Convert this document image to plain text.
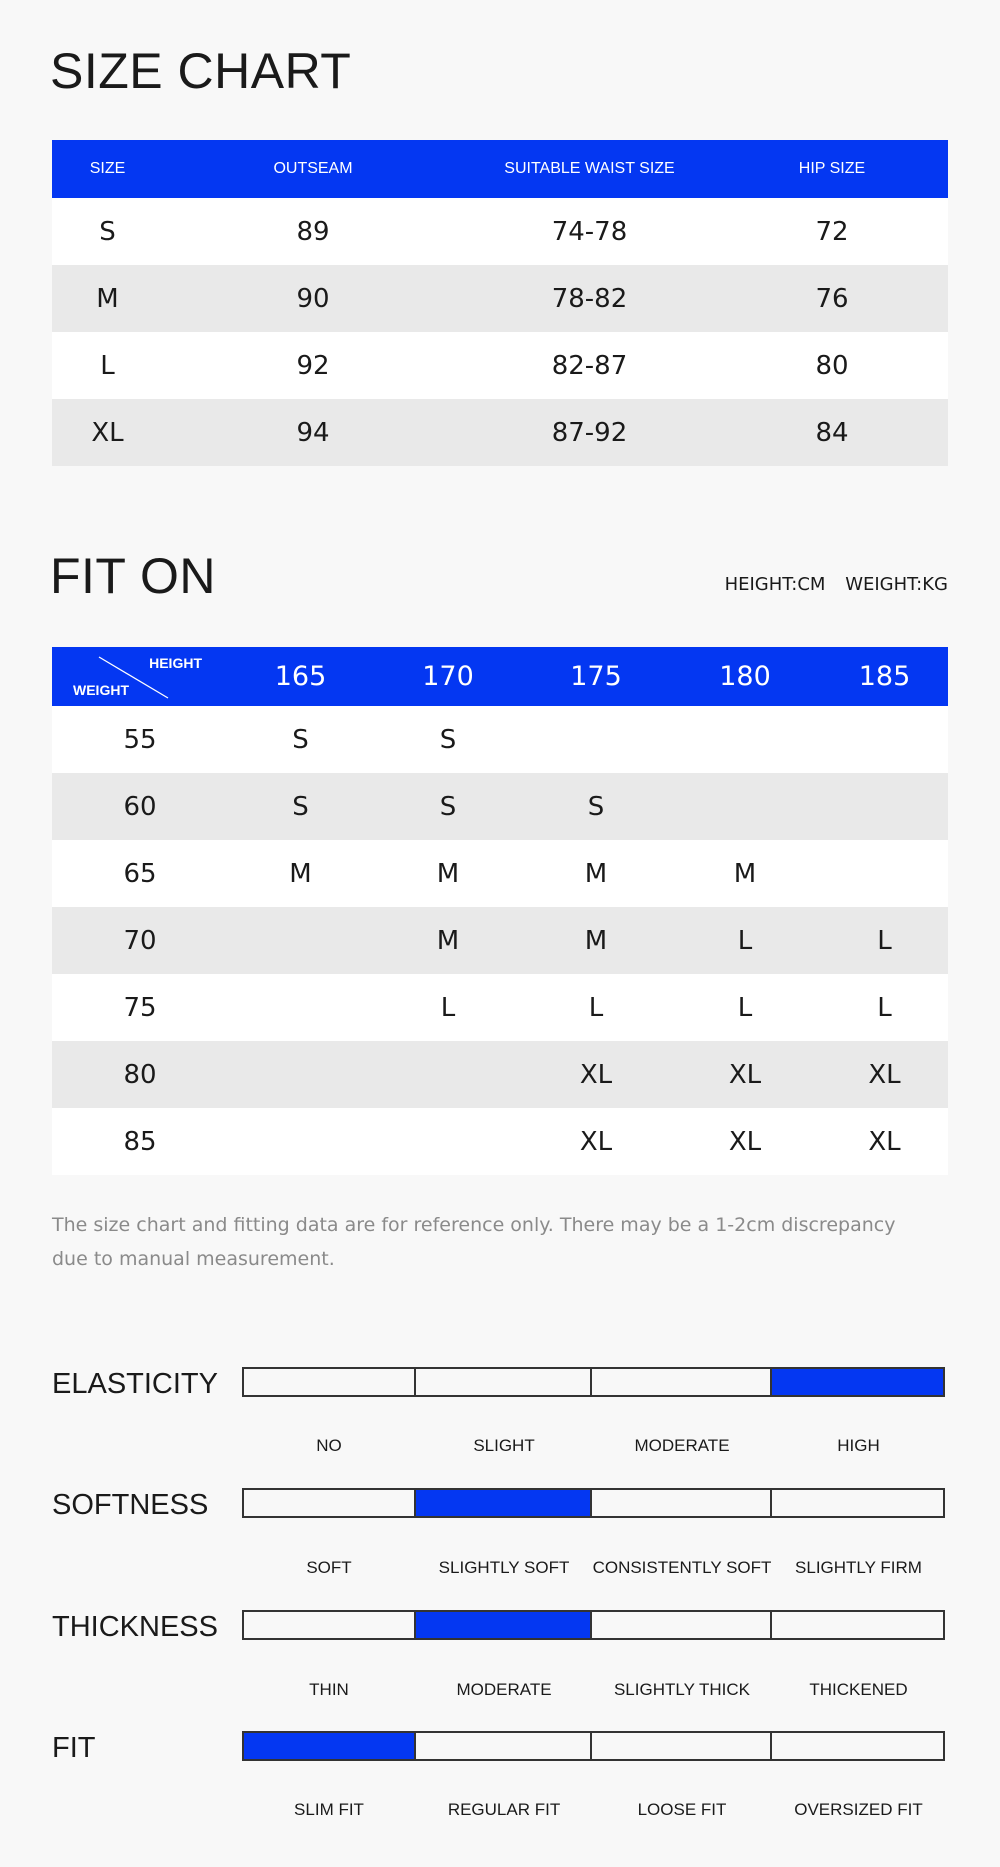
SIZE CHART
SIZE	OUTSEAM	SUITABLE WAIST SIZE	HIP SIZE
S	89	74-78	72
M	90	78-82	76
L	92	82-87	80
XL	94	87-92	84
FIT ON	HEIGHT:CM WEIGHT:KG
HEIGHT
WEIGHT	165	170	175	180	185
55	S	S			
60	S	S	S		
65	M	M	M	M	
70		M	M	L	L
75		L	L	L	L
80			XL	XL	XL
85			XL	XL	XL
The size chart and fitting data are for reference only. There may be a 1-2cm discrepancy due to manual measurement.
ELASTICITY
NO	SLIGHT	MODERATE	HIGH
SOFTNESS
SOFT	SLIGHTLY SOFT	CONSISTENTLY SOFT	SLIGHTLY FIRM
THICKNESS
THIN	MODERATE	SLIGHTLY THICK	THICKENED
FIT
SLIM FIT	REGULAR FIT	LOOSE FIT	OVERSIZED FIT
